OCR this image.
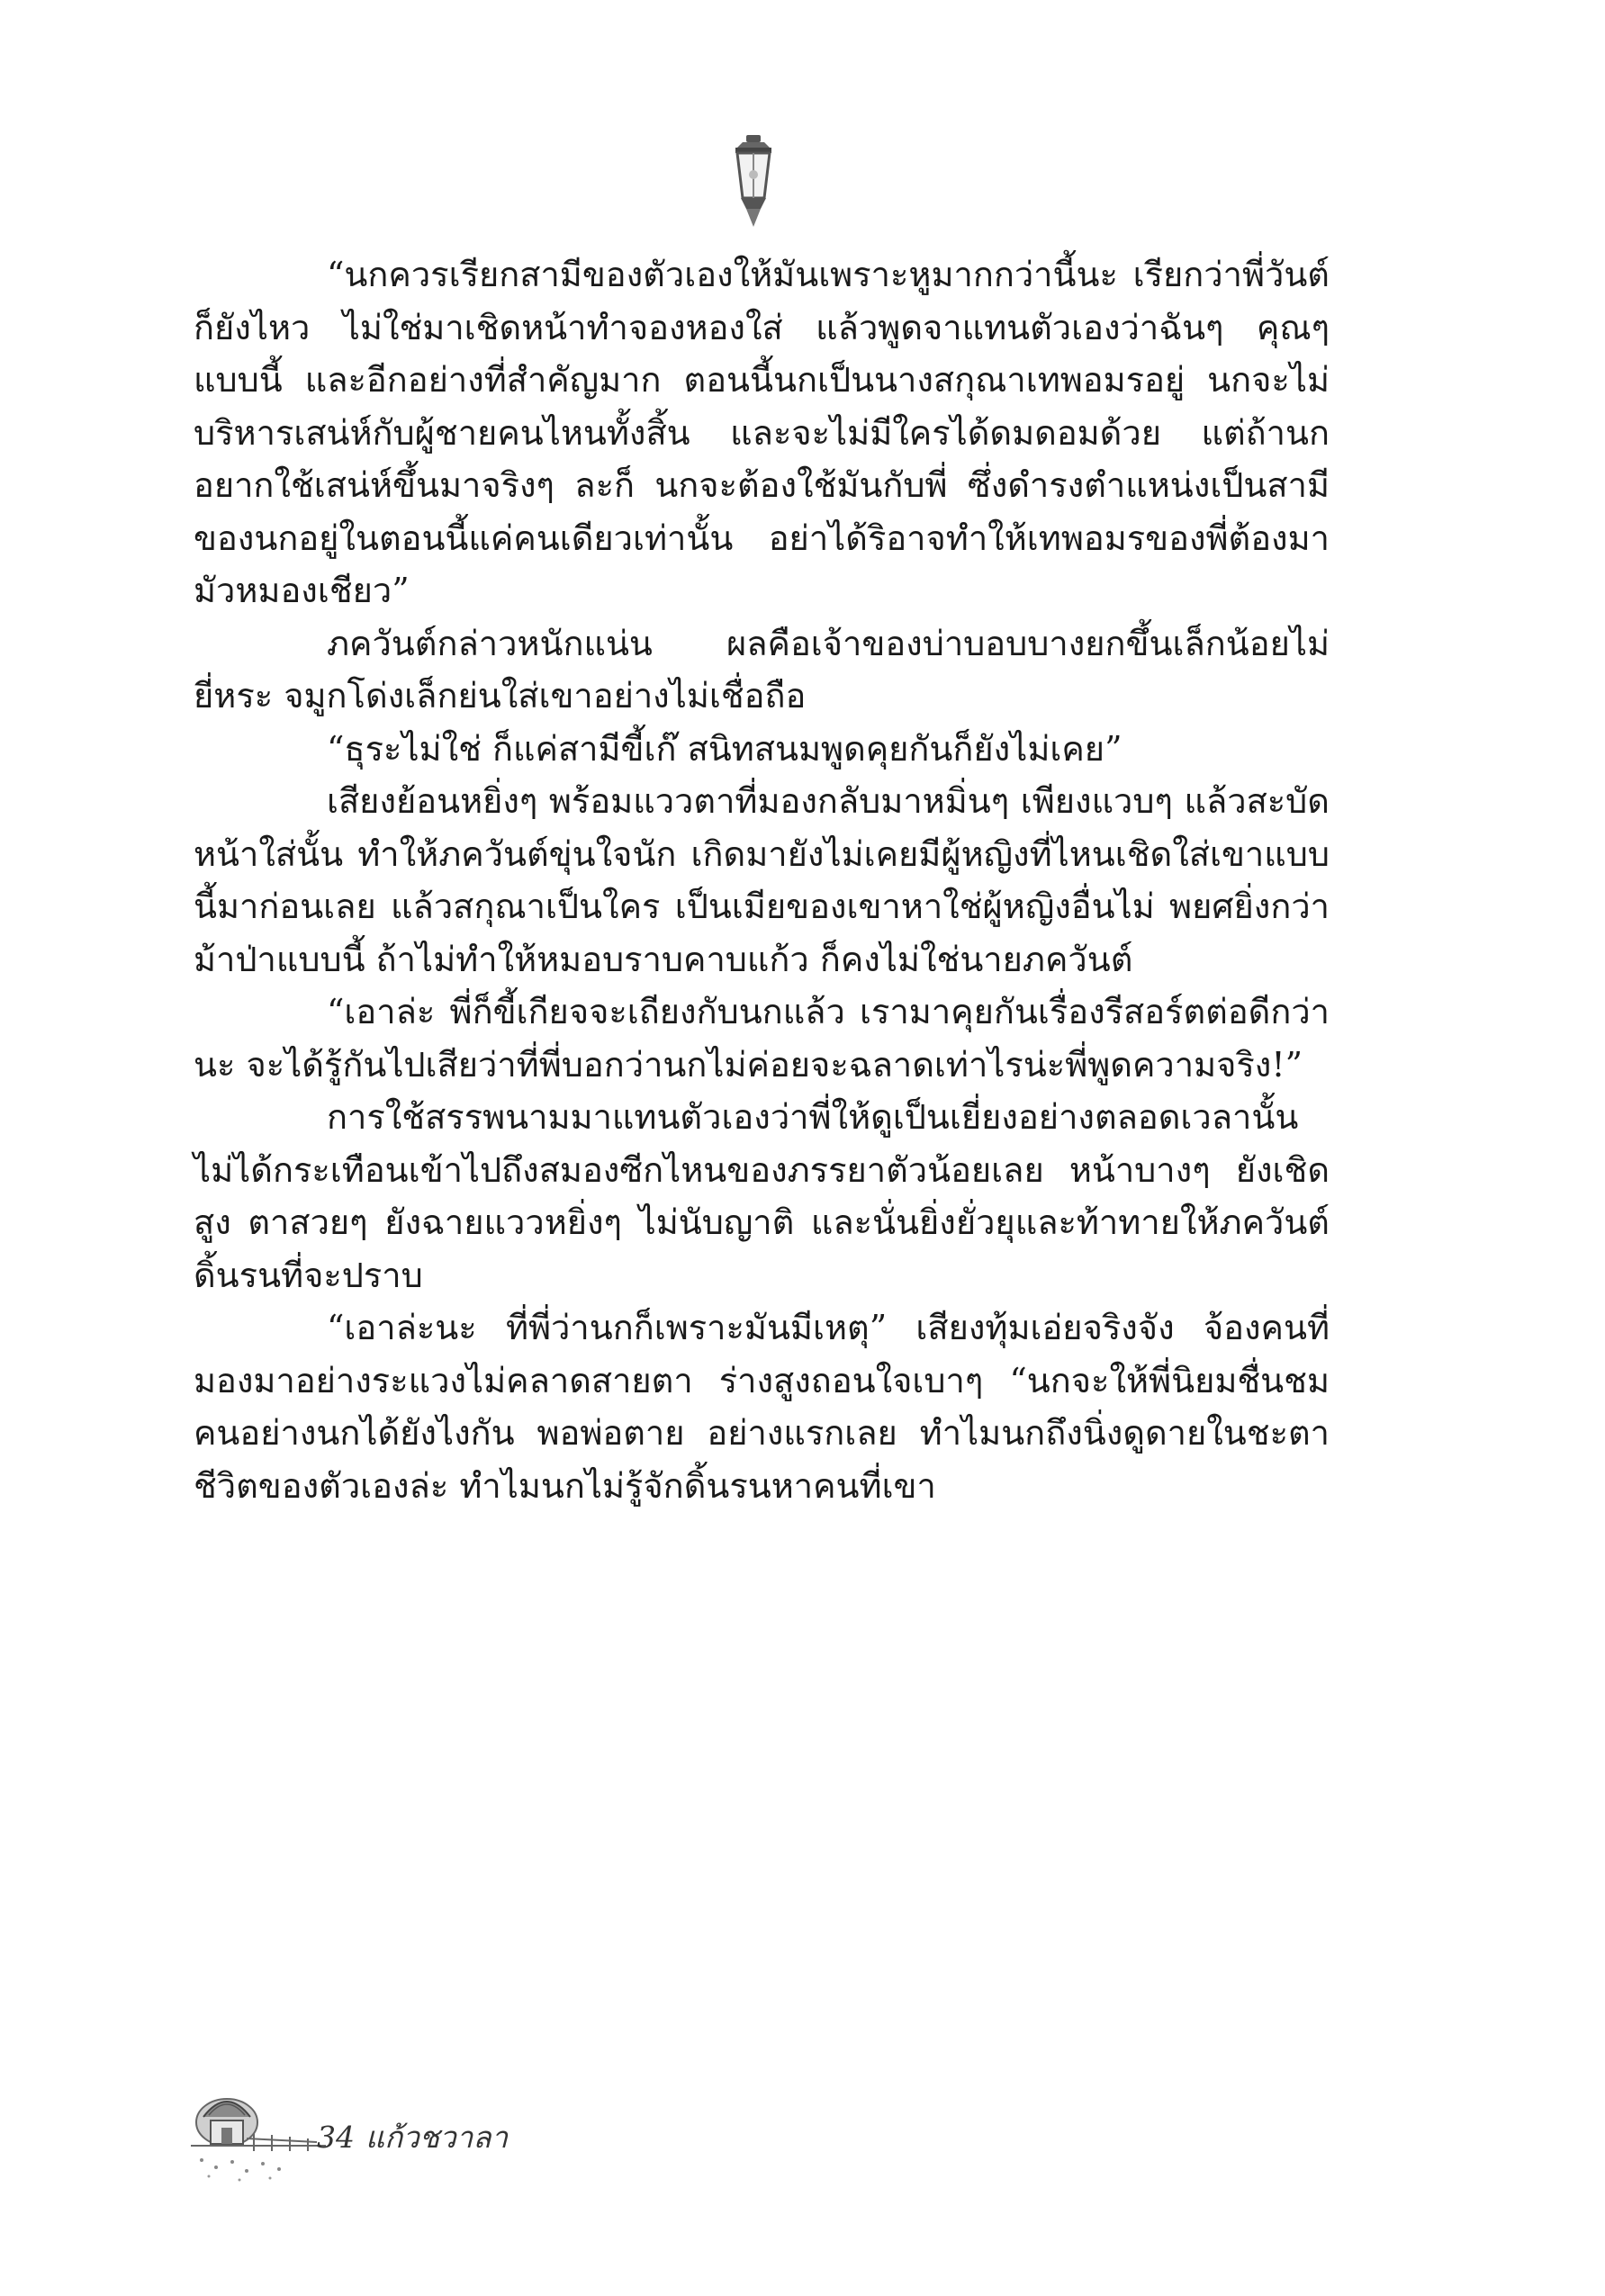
“นกควรเรียกสามีของตัวเองให้มันเพราะหูมากกว่านี้นะ เรียกว่าพี่วันต์ก็ยังไหว ไม่ใช่มาเชิดหน้าทำจองหองใส่ แล้วพูดจาแทนตัวเองว่าฉันๆ คุณๆ แบบนี้ และอีกอย่างที่สำคัญมาก ตอนนี้นกเป็นนางสกุณาเทพอมรอยู่ นกจะไม่บริหารเสน่ห์กับผู้ชายคนไหนทั้งสิ้น และจะไม่มีใครได้ดมดอมด้วย แต่ถ้านกอยากใช้เสน่ห์ขึ้นมาจริงๆ ละก็ นกจะต้องใช้มันกับพี่ ซึ่งดำรงตำแหน่งเป็นสามีของนกอยู่ในตอนนี้แค่คนเดียวเท่านั้น อย่าได้ริอาจทำให้เทพอมรของพี่ต้องมามัวหมองเชียว”

ภควันต์กล่าวหนักแน่น ผลคือเจ้าของบ่าบอบบางยกขึ้นเล็กน้อยไม่ยี่หระ จมูกโด่งเล็กย่นใส่เขาอย่างไม่เชื่อถือ

“ธุระไม่ใช่ ก็แค่สามีขี้เก๊ สนิทสนมพูดคุยกันก็ยังไม่เคย”

เสียงย้อนหยิ่งๆ พร้อมแววตาที่มองกลับมาหมิ่นๆ เพียงแวบๆ แล้วสะบัดหน้าใส่นั้น ทำให้ภควันต์ขุ่นใจนัก เกิดมายังไม่เคยมีผู้หญิงที่ไหนเชิดใส่เขาแบบนี้มาก่อนเลย แล้วสกุณาเป็นใคร เป็นเมียของเขาหาใช่ผู้หญิงอื่นไม่ พยศยิ่งกว่าม้าป่าแบบนี้ ถ้าไม่ทำให้หมอบราบคาบแก้ว ก็คงไม่ใช่นายภควันต์

“เอาล่ะ พี่ก็ขี้เกียจจะเถียงกับนกแล้ว เรามาคุยกันเรื่องรีสอร์ตต่อดีกว่านะ จะได้รู้กันไปเสียว่าที่พี่บอกว่านกไม่ค่อยจะฉลาดเท่าไรน่ะพี่พูดความจริง!”

การใช้สรรพนามมาแทนตัวเองว่าพี่ให้ดูเป็นเยี่ยงอย่างตลอดเวลานั้นไม่ได้กระเทือนเข้าไปถึงสมองซีกไหนของภรรยาตัวน้อยเลย หน้าบางๆ ยังเชิดสูง ตาสวยๆ ยังฉายแววหยิ่งๆ ไม่นับญาติ และนั่นยิ่งยั่วยุและท้าทายให้ภควันต์ดิ้นรนที่จะปราบ

“เอาล่ะนะ ที่พี่ว่านกก็เพราะมันมีเหตุ” เสียงทุ้มเอ่ยจริงจัง จ้องคนที่มองมาอย่างระแวงไม่คลาดสายตา ร่างสูงถอนใจเบาๆ “นกจะให้พี่นิยมชื่นชมคนอย่างนกได้ยังไงกัน พอพ่อตาย อย่างแรกเลย ทำไมนกถึงนิ่งดูดายในชะตาชีวิตของตัวเองล่ะ ทำไมนกไม่รู้จักดิ้นรนหาคนที่เขา

34 แก้วชวาลา
